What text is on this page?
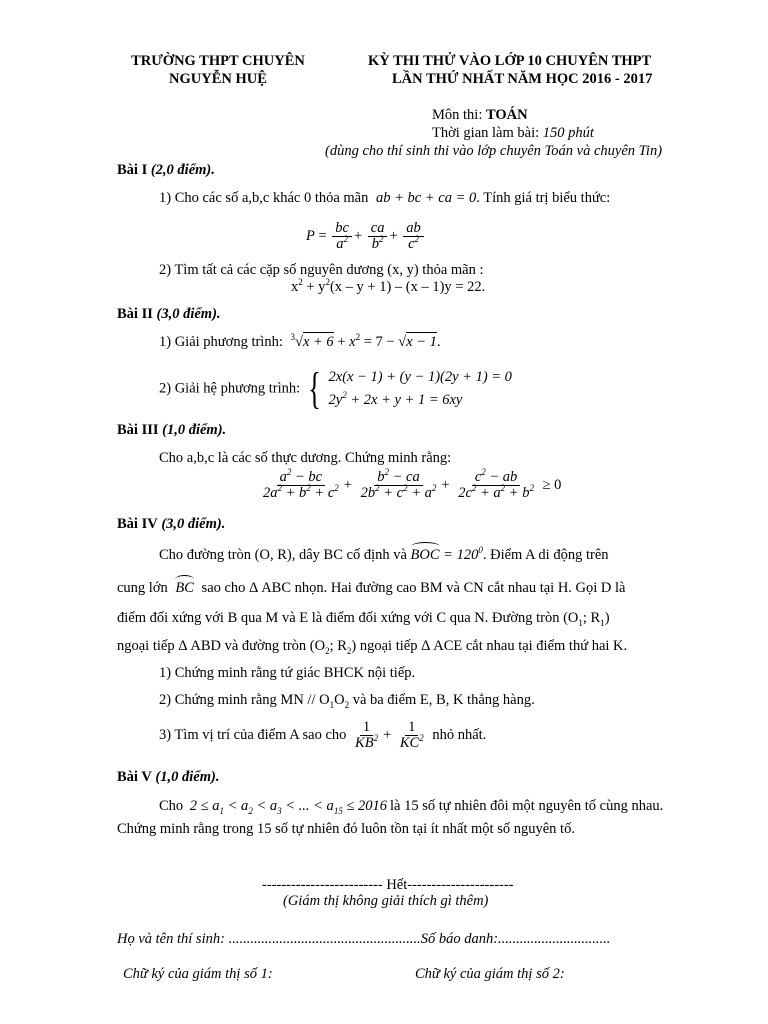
TRƯỜNG THPT CHUYÊN
NGUYỄN HUỆ
KỲ THI THỬ VÀO LỚP 10 CHUYÊN THPT
LẦN THỨ NHẤT NĂM HỌC 2016 - 2017
Môn thi: TOÁN
Thời gian làm bài: 150 phút
(dùng cho thí sinh thi vào lớp chuyên Toán và chuyên Tin)
Bài I (2,0 điểm).
1) Cho các số a,b,c khác 0 thỏa mãn ab + bc + ca = 0. Tính giá trị biểu thức:
$P = \frac{bc}{a^2} + \frac{ca}{b^2} + \frac{ab}{c^2}$
2) Tìm tất cả các cặp số nguyên dương (x, y) thỏa mãn :
$x^2 + y^2(x - y + 1) - (x - 1)y = 22$.
Bài II (3,0 điểm).
1) Giải phương trình: $^3√x + 6 + x^2 = 7 - √x - 1$.
2) Giải hệ phương trình: { 2x(x − 1) + (y − 1)(2y + 1) = 0
$2y^2 + 2x + y + 1 = 6xy$
Bài III (1,0 điểm).
Cho a,b,c là các số thực dương. Chứng minh rằng:
$\frac{a^2 - bc}{2a^2 + b^2 + c^2} + \frac{b^2 - ca}{2b^2 + c^2 + a^2} + \frac{c^2 - ab}{2c^2 + a^2 + b^2} \ge 0$
Bài IV (3,0 điểm).
Cho đường tròn (O, R), dây BC cố định và BOC = $120^0$. Điểm A di động trên
cung lớn BC sao cho Δ ABC nhọn. Hai đường cao BM và CN cắt nhau tại H. Gọi D là
điểm đối xứng với B qua M và E là điểm đối xứng với C qua N. Đường tròn ($O_1$; $R_1$)
ngoại tiếp Δ ABD và đường tròn ($O_2$; $R_2$) ngoại tiếp Δ ACE cắt nhau tại điểm thứ hai K.
1) Chứng minh rằng tứ giác BHCK nội tiếp.
2) Chứng minh rằng MN // $O_1O_2$ và ba điểm E, B, K thẳng hàng.
3) Tìm vị trí của điểm A sao cho $\frac{1}{KB^2} + \frac{1}{KC^2}$ nhỏ nhất.
Bài V (1,0 điểm).
Cho $2 \le a_1 < a_2 < a_3$ < ... < $a_{15} \le 2016$ là 15 số tự nhiên đôi một nguyên tố cùng nhau.
Chứng minh rằng trong 15 số tự nhiên đó luôn tồn tại ít nhất một số nguyên tố.
------------------------- Hết----------------------
(Giám thị không giải thích gì thêm)
Họ và tên thí sinh: .....................................................Số báo danh:...............................
Chữ ký của giám thị số 1:	Chữ ký của giám thị số 2:
